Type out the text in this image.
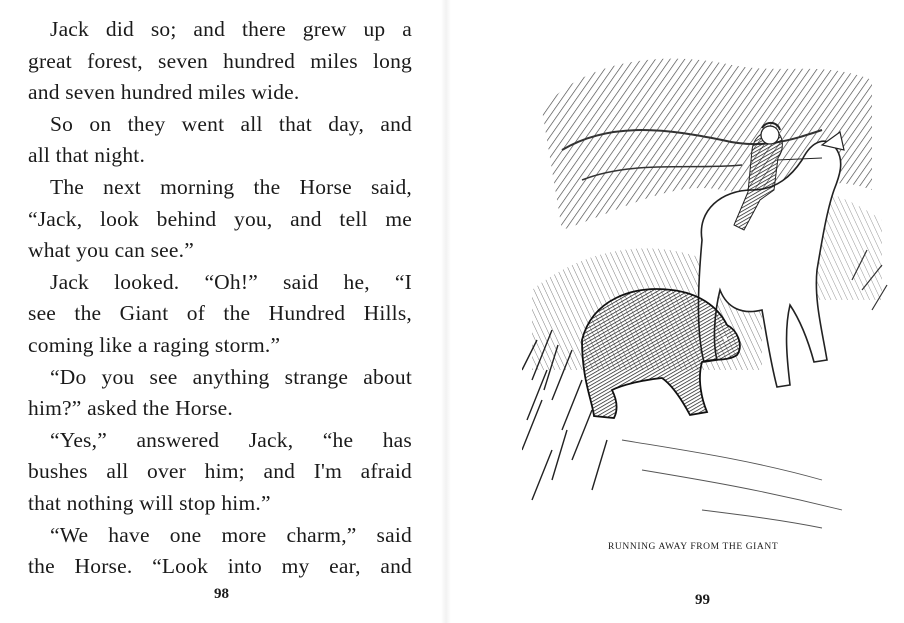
Jack did so; and there grew up a
great forest, seven hundred miles long
and seven hundred miles wide.

So on they went all that day, and
all that night.

The next morning the Horse said,
“Jack, look behind you, and tell me
what you can see.”

Jack looked. “Oh!” said he, “I
see the Giant of the Hundred Hills,
coming like a raging storm.”

“Do you see anything strange about
him?” asked the Horse.

“Yes,” answered Jack, “he has
bushes all over him; and I'm afraid
that nothing will stop him.”

“We have one more charm,” said
the Horse. “Look into my ear, and

98
RUNNING AWAY FROM THE GIANT
99
